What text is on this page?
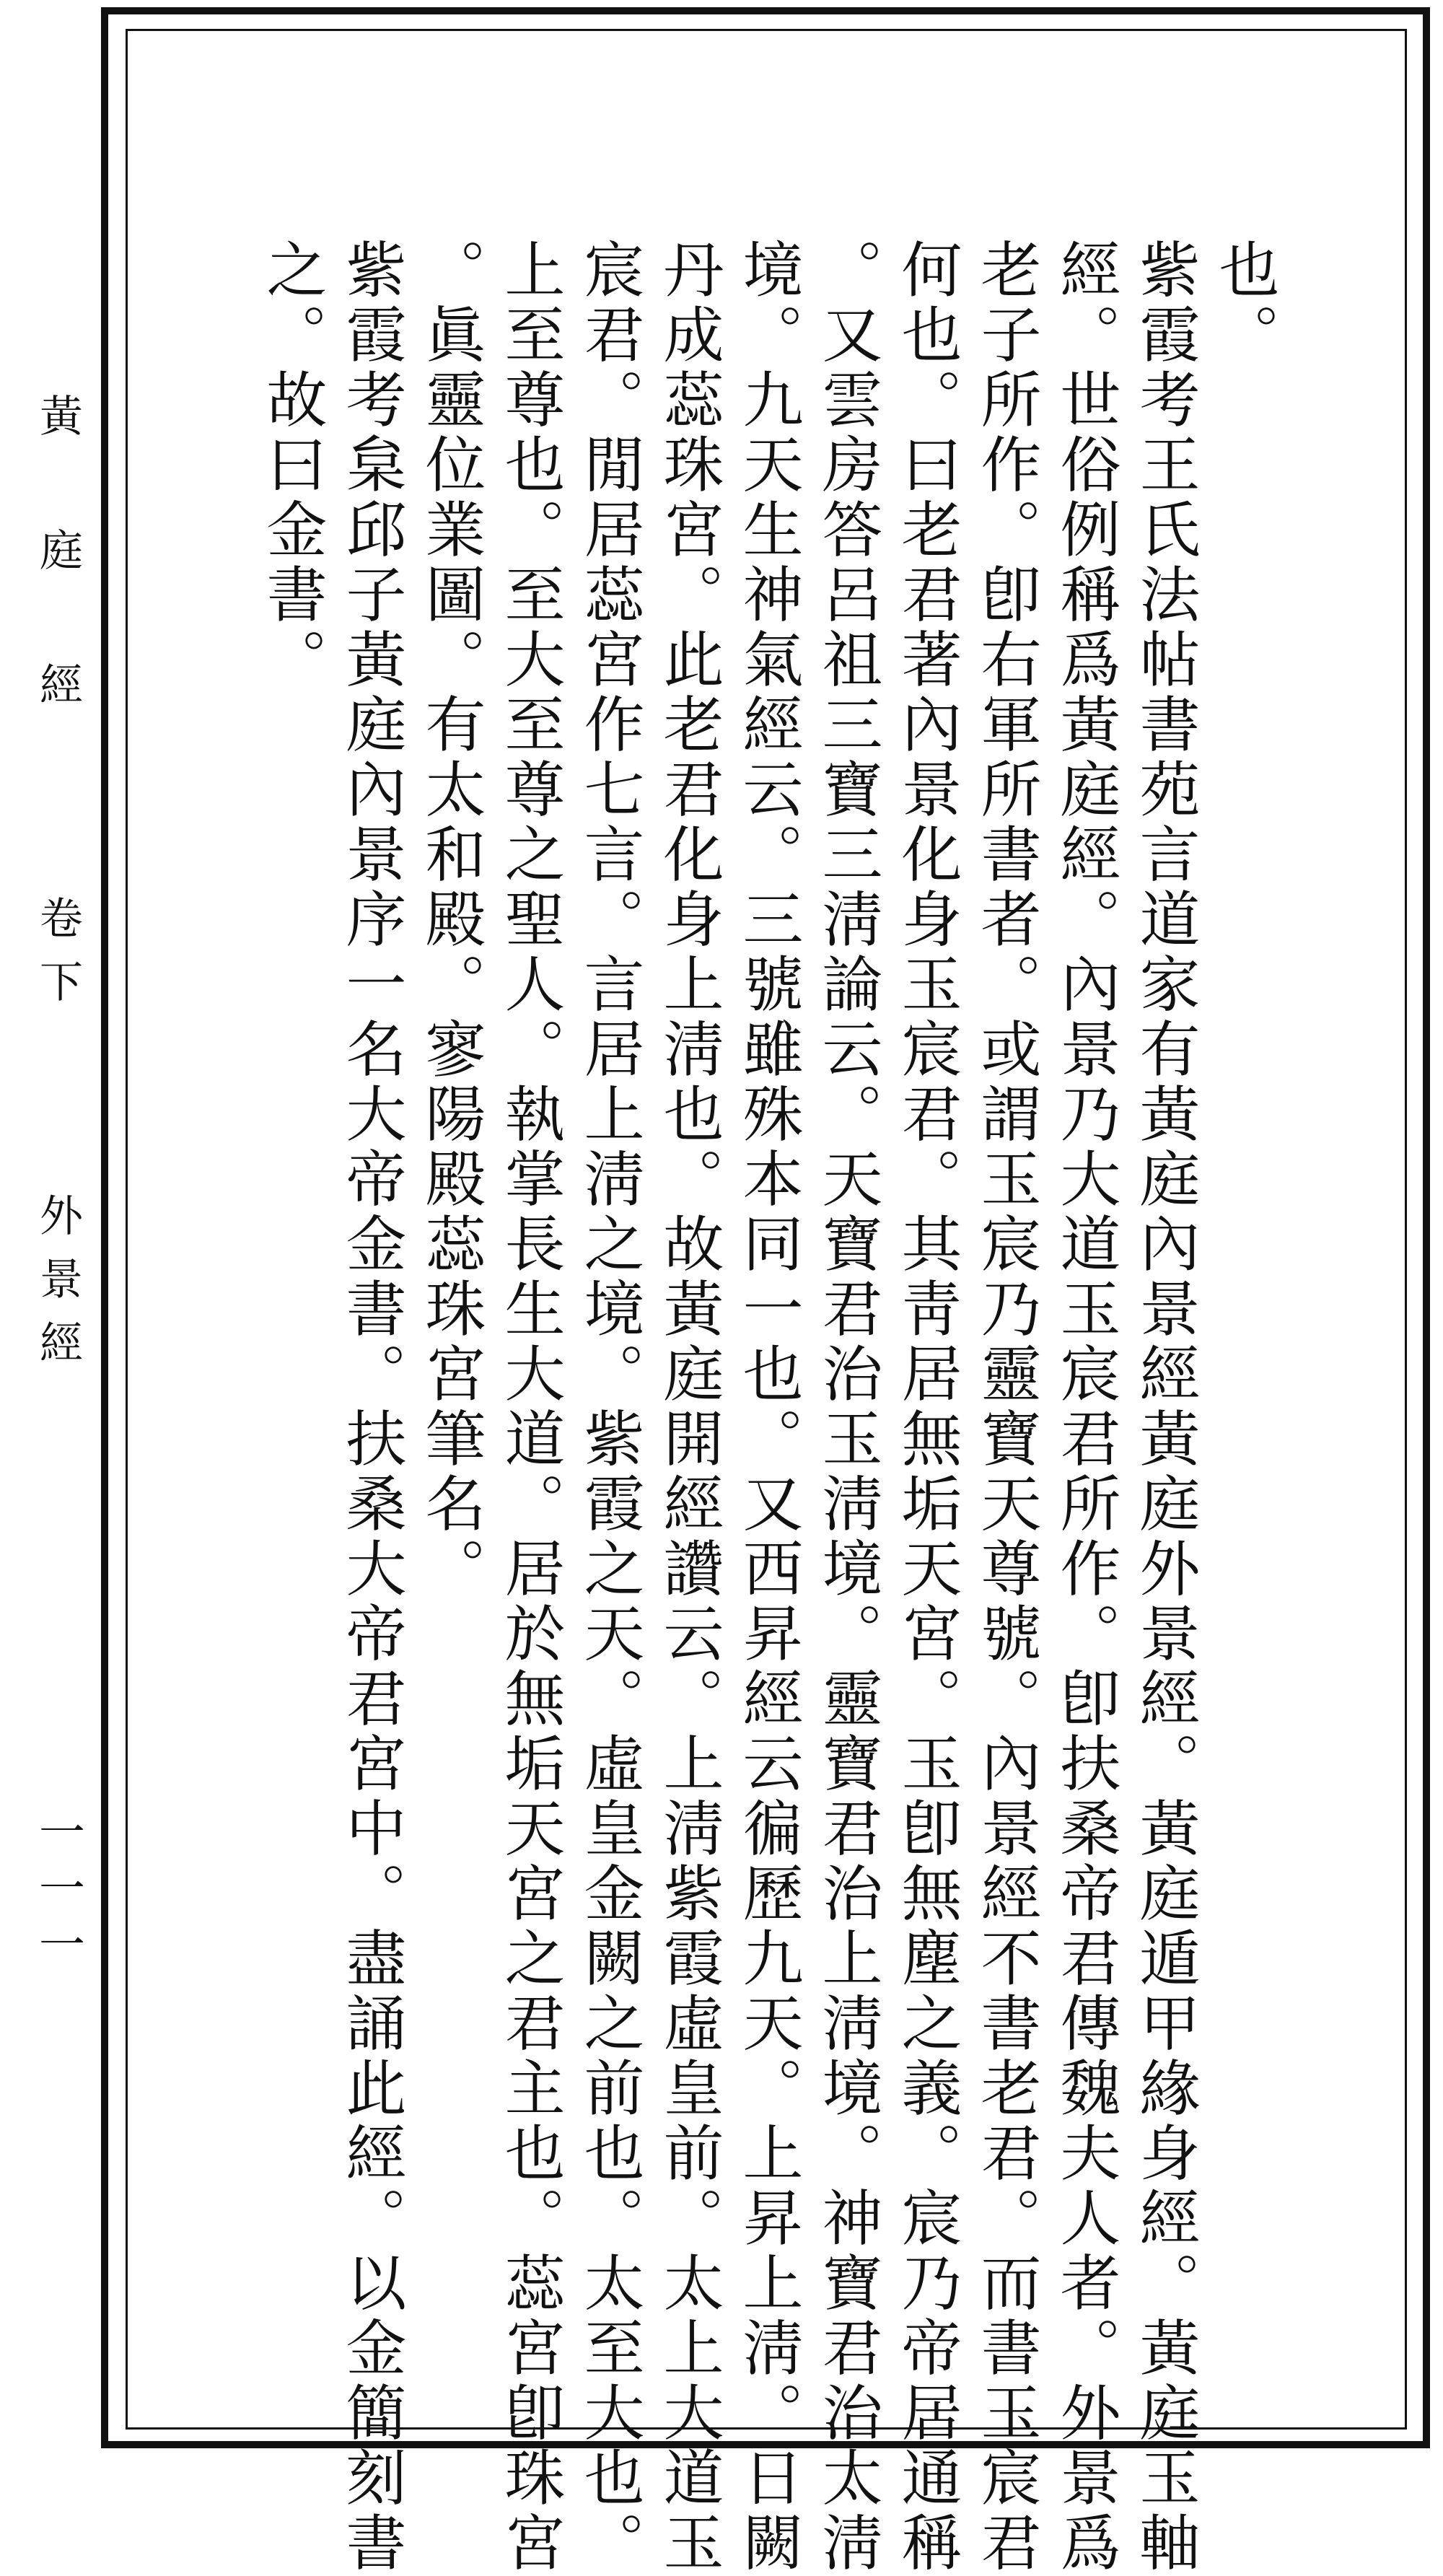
黃 庭 經  卷下  外景經
一一一
也。
紫霞考王氏法帖書苑言道家有黃庭內景經黃庭外景經。黃庭遁甲緣身經。黃庭玉軸
經。世俗例稱爲黃庭經。內景乃大道玉宸君所作。卽扶桑帝君傳魏夫人者。外景爲
老子所作。卽右軍所書者。或謂玉宸乃靈寶天尊號。內景經不書老君。而書玉宸君
何也。曰老君著內景化身玉宸君。其靑居無垢天宮。玉卽無塵之義。宸乃帝居通稱
。又雲房答呂祖三寶三淸論云。天寶君治玉淸境。靈寶君治上淸境。神寶君治太淸
境。九天生神氣經云。三號雖殊本同一也。又西昇經云徧歷九天。上昇上淸。日闕
丹成蕊珠宮。此老君化身上淸也。故黃庭開經讚云。上淸紫霞虛皇前。太上大道玉
宸君。閒居蕊宮作七言。言居上淸之境。紫霞之天。虛皇金闕之前也。太至大也。
上至尊也。至大至尊之聖人。執掌長生大道。居於無垢天宮之君主也。蕊宮卽珠宮
。眞靈位業圖。有太和殿。寥陽殿蕊珠宮筆名。
紫霞考枲邱子黃庭內景序一名大帝金書。扶桑大帝君宮中。盡誦此經。以金簡刻書
之。故曰金書。
